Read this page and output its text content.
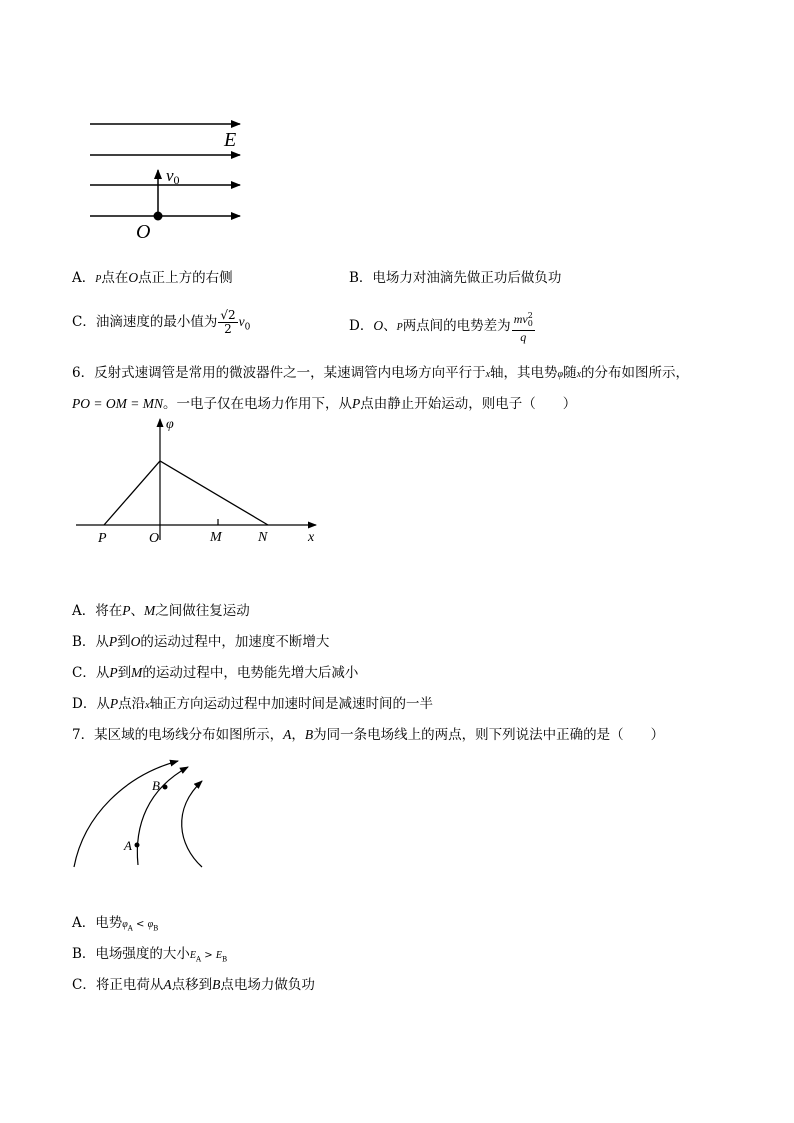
E
v0
O
A．P点在O点正上方的右侧	B．电场力对油滴先做正功后做负功
C．油滴速度的最小值为 $\frac{√2}{2} v_0$	D．O、P两点间的电势差为 $\frac{mv^2_0}{q}$
6．反射式速调管是常用的微波器件之一，某速调管内电场方向平行于x轴，其电势φ随x的分布如图所示，
PO = OM = MN。一电子仅在电场力作用下，从P点由静止开始运动，则电子（　　）
φ
P	O	M	N	x
A．将在P、M之间做往复运动
B．从P到O的运动过程中，加速度不断增大
C．从P到M的运动过程中，电势能先增大后减小
D．从P点沿x轴正方向运动过程中加速时间是减速时间的一半
7．某区域的电场线分布如图所示，A，B为同一条电场线上的两点，则下列说法中正确的是（　　）
A
B
A．电势$\varphi_A < \varphi_B$
B．电场强度的大小$E_A > E_B$
C．将正电荷从A点移到B点电场力做负功
